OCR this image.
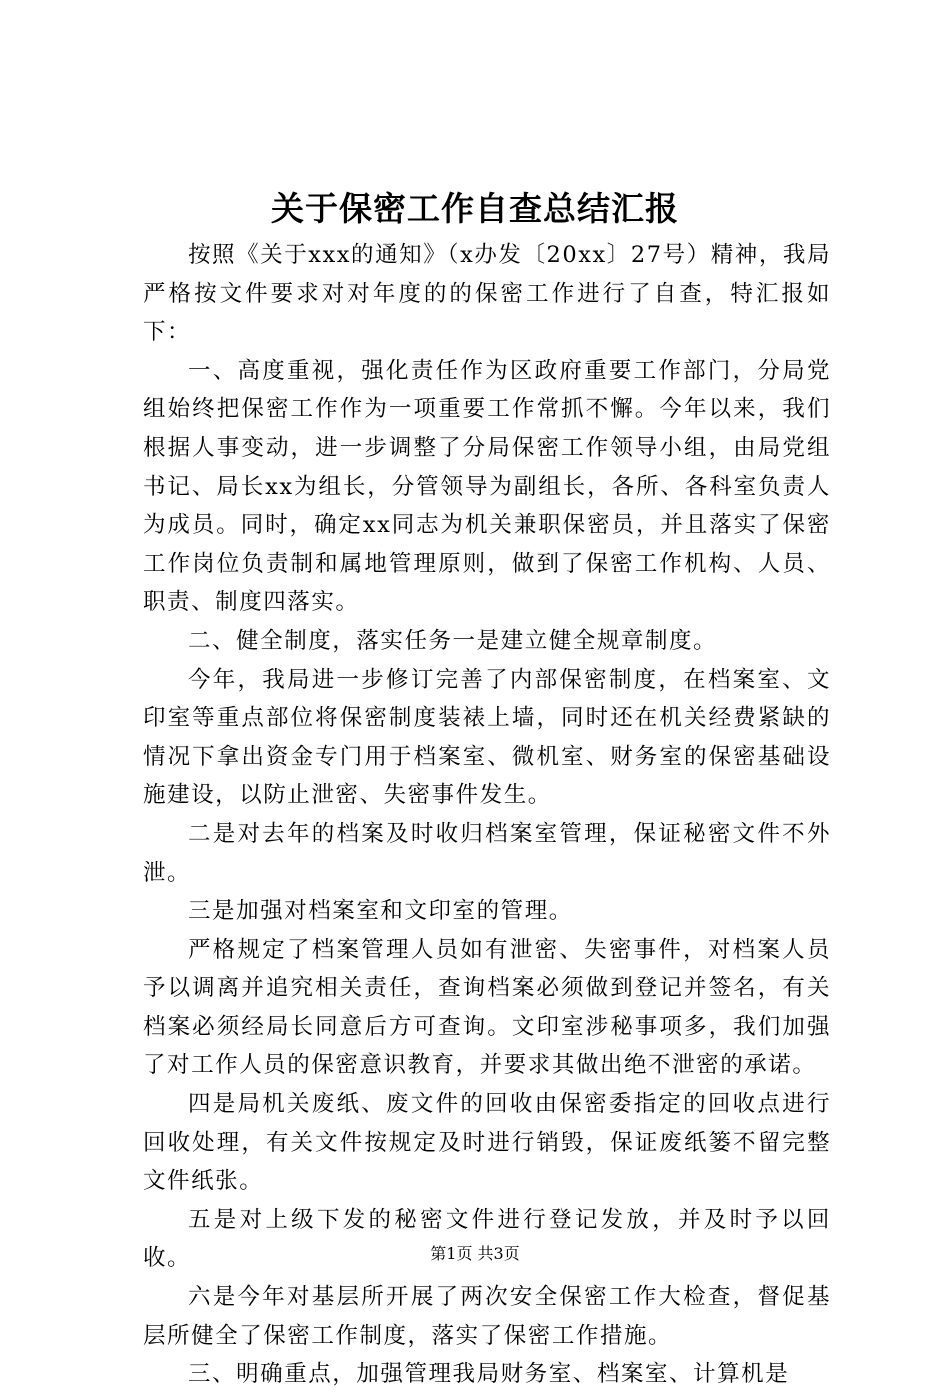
关于保密工作自查总结汇报

按照《关于xxx的通知》（x办发〔20xx〕27号）精神，我局严格按文件要求对对年度的的保密工作进行了自查，特汇报如下：

一、高度重视，强化责任作为区政府重要工作部门，分局党组始终把保密工作作为一项重要工作常抓不懈。今年以来，我们根据人事变动，进一步调整了分局保密工作领导小组，由局党组书记、局长xx为组长，分管领导为副组长，各所、各科室负责人为成员。同时，确定xx同志为机关兼职保密员，并且落实了保密工作岗位负责制和属地管理原则，做到了保密工作机构、人员、职责、制度四落实。

二、健全制度，落实任务一是建立健全规章制度。

今年，我局进一步修订完善了内部保密制度，在档案室、文印室等重点部位将保密制度装裱上墙，同时还在机关经费紧缺的情况下拿出资金专门用于档案室、微机室、财务室的保密基础设施建设，以防止泄密、失密事件发生。

二是对去年的档案及时收归档案室管理，保证秘密文件不外泄。

三是加强对档案室和文印室的管理。

严格规定了档案管理人员如有泄密、失密事件，对档案人员予以调离并追究相关责任，查询档案必须做到登记并签名，有关档案必须经局长同意后方可查询。文印室涉秘事项多，我们加强了对工作人员的保密意识教育，并要求其做出绝不泄密的承诺。

四是局机关废纸、废文件的回收由保密委指定的回收点进行回收处理，有关文件按规定及时进行销毁，保证废纸篓不留完整文件纸张。

五是对上级下发的秘密文件进行登记发放，并及时予以回收。

六是今年对基层所开展了两次安全保密工作大检查，督促基层所健全了保密工作制度，落实了保密工作措施。

三、明确重点，加强管理我局财务室、档案室、计算机是

第1页 共3页
